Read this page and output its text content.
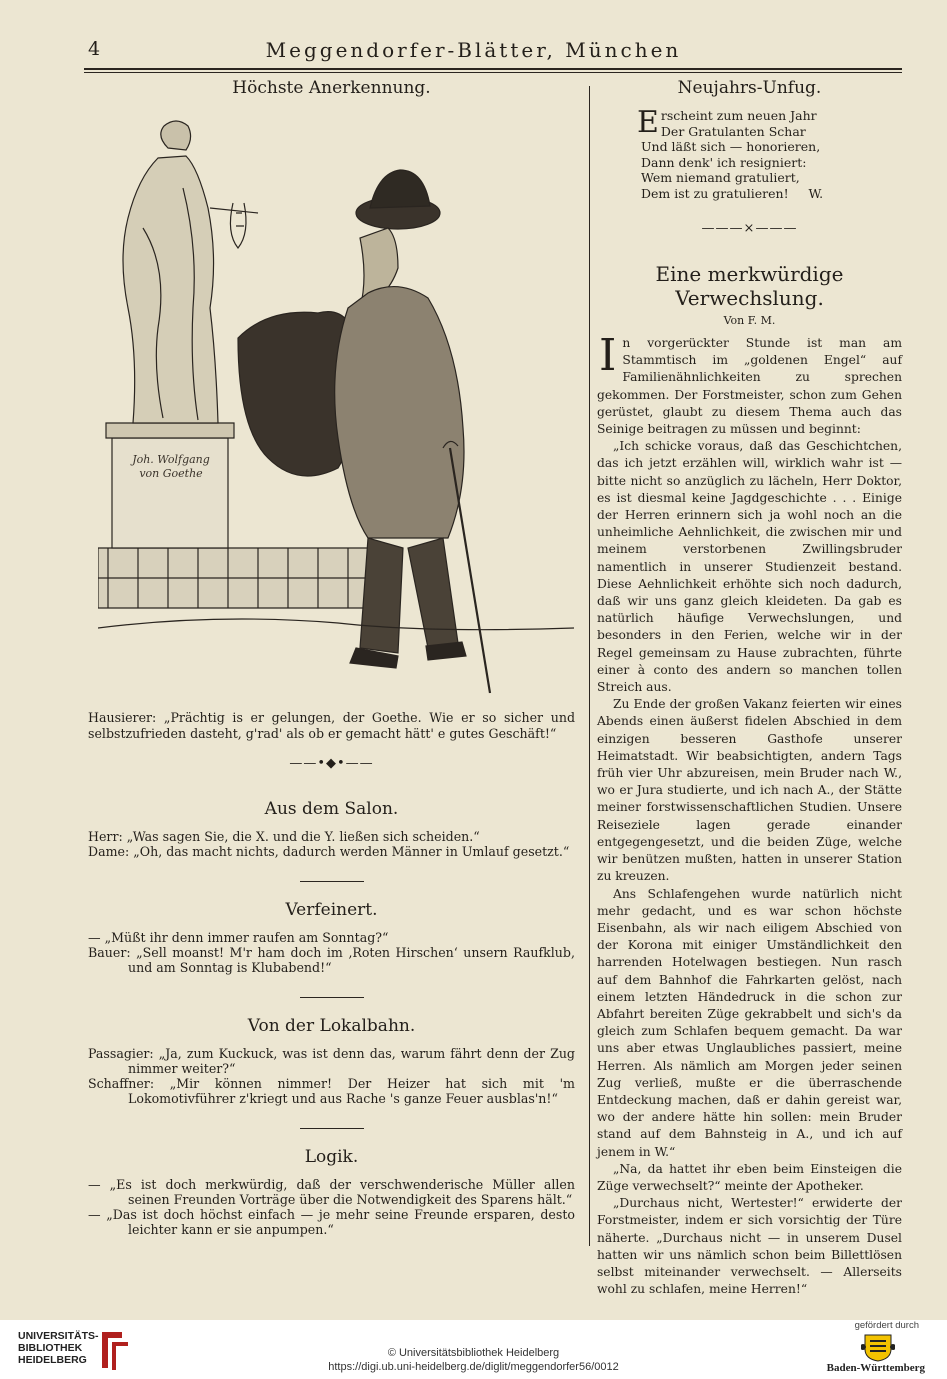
4	Meggendorfer-Blätter, München
Höchste Anerkennung.
Joh. Wolfgang
von Goethe
Hausierer: „Prächtig is er gelungen, der Goethe. Wie er so sicher und selbstzufrieden dasteht, g'rad' als ob er gemacht hätt' e gutes Geschäft!“
——•◆•——
Aus dem Salon.

Herr: „Was sagen Sie, die X. und die Y. ließen sich scheiden.“

Dame: „Oh, das macht nichts, dadurch werden Männer in Umlauf gesetzt.“

Verfeinert.

— „Müßt ihr denn immer raufen am Sonntag?“

Bauer: „Sell moanst! M'r ham doch im ‚Roten Hirschen‘ unsern Raufklub, und am Sonntag is Klubabend!“

Von der Lokalbahn.

Passagier: „Ja, zum Kuckuck, was ist denn das, warum fährt denn der Zug nimmer weiter?“

Schaffner: „Mir können nimmer! Der Heizer hat sich mit 'm Lokomotivführer z'kriegt und aus Rache 's ganze Feuer ausblas'n!“

Logik.

— „Es ist doch merkwürdig, daß der verschwenderische Müller allen seinen Freunden Vorträge über die Notwendigkeit des Sparens hält.“

— „Das ist doch höchst einfach — je mehr seine Freunde ersparen, desto leichter kann er sie anpumpen.“

Neujahrs-Unfug.
E rscheint zum neuen Jahr
Der Gratulanten Schar
Und läßt sich — honorieren,
Dann denk' ich resigniert:
Wem niemand gratuliert,
Dem ist zu gratulieren!     W.
———×———
Eine merkwürdige Verwechslung.
Von F. M.

In vorgerückter Stunde ist man am Stammtisch im „goldenen Engel“ auf Familienähnlichkeiten zu sprechen gekommen. Der Forstmeister, schon zum Gehen gerüstet, glaubt zu diesem Thema auch das Seinige beitragen zu müssen und beginnt:

„Ich schicke voraus, daß das Geschichtchen, das ich jetzt erzählen will, wirklich wahr ist — bitte nicht so anzüglich zu lächeln, Herr Doktor, es ist diesmal keine Jagdgeschichte . . . Einige der Herren erinnern sich ja wohl noch an die unheimliche Aehnlichkeit, die zwischen mir und meinem verstorbenen Zwillingsbruder namentlich in unserer Studienzeit bestand. Diese Aehnlichkeit erhöhte sich noch dadurch, daß wir uns ganz gleich kleideten. Da gab es natürlich häufige Verwechslungen, und besonders in den Ferien, welche wir in der Regel gemeinsam zu Hause zubrachten, führte einer à conto des andern so manchen tollen Streich aus.

Zu Ende der großen Vakanz feierten wir eines Abends einen äußerst fidelen Abschied in dem einzigen besseren Gasthofe unserer Heimatstadt. Wir beabsichtigten, andern Tags früh vier Uhr abzureisen, mein Bruder nach W., wo er Jura studierte, und ich nach A., der Stätte meiner forstwissenschaftlichen Studien. Unsere Reiseziele lagen gerade einander entgegengesetzt, und die beiden Züge, welche wir benützen mußten, hatten in unserer Station zu kreuzen.

Ans Schlafengehen wurde natürlich nicht mehr gedacht, und es war schon höchste Eisenbahn, als wir nach eiligem Abschied von der Korona mit einiger Umständlichkeit den harrenden Hotelwagen bestiegen. Nun rasch auf dem Bahnhof die Fahrkarten gelöst, nach einem letzten Händedruck in die schon zur Abfahrt bereiten Züge gekrabbelt und sich's da gleich zum Schlafen bequem gemacht. Da war uns aber etwas Unglaubliches passiert, meine Herren. Als nämlich am Morgen jeder seinen Zug verließ, mußte er die überraschende Entdeckung machen, daß er dahin gereist war, wo der andere hätte hin sollen: mein Bruder stand auf dem Bahnsteig in A., und ich auf jenem in W.“

„Na, da hattet ihr eben beim Einsteigen die Züge verwechselt?“ meinte der Apotheker.

„Durchaus nicht, Wertester!“ erwiderte der Forstmeister, indem er sich vorsichtig der Türe näherte. „Durchaus nicht — in unserem Dusel hatten wir uns nämlich schon beim Billettlösen selbst miteinander verwechselt. — Allerseits wohl zu schlafen, meine Herren!“

UNIVERSITÄTS-
BIBLIOTHEK
HEIDELBERG
© Universitätsbibliothek Heidelberg
https://digi.ub.uni-heidelberg.de/diglit/meggendorfer56/0012
gefördert durch
Baden-Württemberg
